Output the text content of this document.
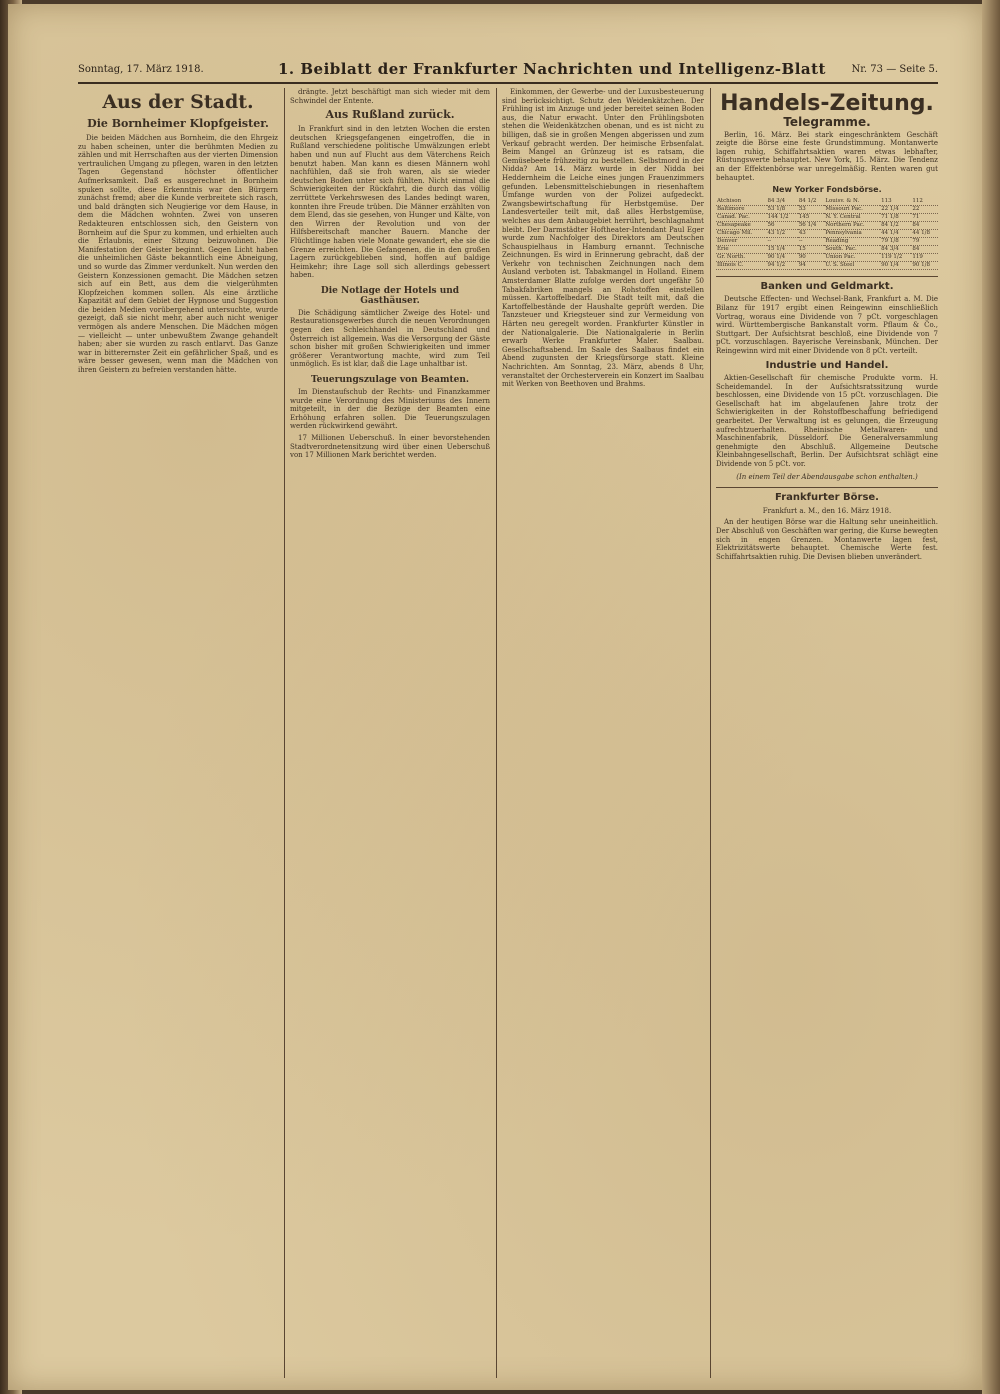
Sonntag, 17. März 1918.	1. Beiblatt der Frankfurter Nachrichten und Intelligenz-Blatt	Nr. 73 — Seite 5.
Aus der Stadt.
Die Bornheimer Klopfgeister.

Die beiden Mädchen aus Bornheim, die den Ehrgeiz zu haben scheinen, unter die berühmten Medien zu zählen und mit Herrschaften aus der vierten Dimension vertraulichen Umgang zu pflegen, waren in den letzten Tagen Gegenstand höchster öffentlicher Aufmerksamkeit. Daß es ausgerechnet in Bornheim spuken sollte, diese Erkenntnis war den Bürgern zunächst fremd; aber die Kunde verbreitete sich rasch, und bald drängten sich Neugierige vor dem Hause, in dem die Mädchen wohnten. Zwei von unseren Redakteuren entschlossen sich, den Geistern von Bornheim auf die Spur zu kommen, und erhielten auch die Erlaubnis, einer Sitzung beizuwohnen. Die Manifestation der Geister beginnt. Gegen Licht haben die unheimlichen Gäste bekanntlich eine Abneigung, und so wurde das Zimmer verdunkelt. Nun werden den Geistern Konzessionen gemacht. Die Mädchen setzen sich auf ein Bett, aus dem die vielgerühmten Klopfzeichen kommen sollen. Als eine ärztliche Kapazität auf dem Gebiet der Hypnose und Suggestion die beiden Medien vorübergehend untersuchte, wurde gezeigt, daß sie nicht mehr, aber auch nicht weniger vermögen als andere Menschen. Die Mädchen mögen — vielleicht — unter unbewußtem Zwange gehandelt haben; aber sie wurden zu rasch entlarvt. Das Ganze war in bitterernster Zeit ein gefährlicher Spaß, und es wäre besser gewesen, wenn man die Mädchen von ihren Geistern zu befreien verstanden hätte.

drängte. Jetzt beschäftigt man sich wieder mit dem Schwindel der Entente.

Aus Rußland zurück.

In Frankfurt sind in den letzten Wochen die ersten deutschen Kriegsgefangenen eingetroffen, die in Rußland verschiedene politische Umwälzungen erlebt haben und nun auf Flucht aus dem Väterchens Reich benutzt haben. Man kann es diesen Männern wohl nachfühlen, daß sie froh waren, als sie wieder deutschen Boden unter sich fühlten. Nicht einmal die Schwierigkeiten der Rückfahrt, die durch das völlig zerrüttete Verkehrswesen des Landes bedingt waren, konnten ihre Freude trüben. Die Männer erzählten von dem Elend, das sie gesehen, von Hunger und Kälte, von den Wirren der Revolution und von der Hilfsbereitschaft mancher Bauern. Manche der Flüchtlinge haben viele Monate gewandert, ehe sie die Grenze erreichten. Die Gefangenen, die in den großen Lagern zurückgeblieben sind, hoffen auf baldige Heimkehr; ihre Lage soll sich allerdings gebessert haben.

Die Notlage der Hotels und Gasthäuser.

Die Schädigung sämtlicher Zweige des Hotel- und Restaurationsgewerbes durch die neuen Verordnungen gegen den Schleichhandel in Deutschland und Österreich ist allgemein. Was die Versorgung der Gäste schon bisher mit großen Schwierigkeiten und immer größerer Verantwortung machte, wird zum Teil unmöglich. Es ist klar, daß die Lage unhaltbar ist.

Teuerungszulage von Beamten.

Im Dienstaufschub der Rechts- und Finanzkammer wurde eine Verordnung des Ministeriums des Innern mitgeteilt, in der die Bezüge der Beamten eine Erhöhung erfahren sollen. Die Teuerungszulagen werden rückwirkend gewährt.

17 Millionen Ueberschuß. In einer bevorstehenden Stadtverordnetensitzung wird über einen Ueberschuß von 17 Millionen Mark berichtet werden.

Einkommen, der Gewerbe- und der Luxusbesteuerung sind berücksichtigt. Schutz den Weidenkätzchen. Der Frühling ist im Anzuge und jeder bereitet seinen Boden aus, die Natur erwacht. Unter den Frühlingsboten stehen die Weidenkätzchen obenan, und es ist nicht zu billigen, daß sie in großen Mengen abgerissen und zum Verkauf gebracht werden. Der heimische Erbsenfalat. Beim Mangel an Grünzeug ist es ratsam, die Gemüsebeete frühzeitig zu bestellen. Selbstmord in der Nidda? Am 14. März wurde in der Nidda bei Heddernheim die Leiche eines jungen Frauenzimmers gefunden. Lebensmittelschiebungen in riesenhaftem Umfange wurden von der Polizei aufgedeckt. Zwangsbewirtschaftung für Herbstgemüse. Der Landesverteiler teilt mit, daß alles Herbstgemüse, welches aus dem Anbaugebiet herrührt, beschlagnahmt bleibt. Der Darmstädter Hoftheater-Intendant Paul Eger wurde zum Nachfolger des Direktors am Deutschen Schauspielhaus in Hamburg ernannt. Technische Zeichnungen. Es wird in Erinnerung gebracht, daß der Verkehr von technischen Zeichnungen nach dem Ausland verboten ist. Tabakmangel in Holland. Einem Amsterdamer Blatte zufolge werden dort ungefähr 50 Tabakfabriken mangels an Rohstoffen einstellen müssen. Kartoffelbedarf. Die Stadt teilt mit, daß die Kartoffelbestände der Haushalte geprüft werden. Die Tanzsteuer und Kriegsteuer sind zur Vermeidung von Härten neu geregelt worden. Frankfurter Künstler in der Nationalgalerie. Die Nationalgalerie in Berlin erwarb Werke Frankfurter Maler. Saalbau. Gesellschaftsabend. Im Saale des Saalbaus findet ein Abend zugunsten der Kriegsfürsorge statt. Kleine Nachrichten. Am Sonntag, 23. März, abends 8 Uhr, veranstaltet der Orchesterverein ein Konzert im Saalbau mit Werken von Beethoven und Brahms.

Handels-Zeitung.
Telegramme.

Berlin, 16. März. Bei stark eingeschränktem Geschäft zeigte die Börse eine feste Grundstimmung. Montanwerte lagen ruhig, Schiffahrtsaktien waren etwas lebhafter, Rüstungswerte behauptet. New York, 15. März. Die Tendenz an der Effektenbörse war unregelmäßig. Renten waren gut behauptet.

New Yorker Fondsbörse.
Atchison	84 3/4	84 1/2	Louisv. & N.	113	112
Baltimore	53 1/8	53	Missouri Pac.	22 1/4	22
Canad. Pac.	144 1/2	145	N. Y. Central	71 1/8	71
Chesapeake	56	56 1/4	Northern Pac.	84 1/2	84
Chicago Mil.	43 1/2	43	Pennsylvania	44 1/4	44 1/8
Denver	--	--	Reading	79 1/8	79
Erie	15 1/4	15	South. Pac.	84 3/4	84
Gr. North.	90 1/4	90	Union Pac.	119 1/2	119
Illinois C.	94 1/2	94	U. S. Steel	90 1/4	90 1/8
Banken und Geldmarkt.

Deutsche Effecten- und Wechsel-Bank, Frankfurt a. M. Die Bilanz für 1917 ergibt einen Reingewinn einschließlich Vortrag, woraus eine Dividende von 7 pCt. vorgeschlagen wird. Württembergische Bankanstalt vorm. Pflaum & Co., Stuttgart. Der Aufsichtsrat beschloß, eine Dividende von 7 pCt. vorzuschlagen. Bayerische Vereinsbank, München. Der Reingewinn wird mit einer Dividende von 8 pCt. verteilt.

Industrie und Handel.

Aktien-Gesellschaft für chemische Produkte vorm. H. Scheidemandel. In der Aufsichtsratssitzung wurde beschlossen, eine Dividende von 15 pCt. vorzuschlagen. Die Gesellschaft hat im abgelaufenen Jahre trotz der Schwierigkeiten in der Rohstoffbeschaffung befriedigend gearbeitet. Der Verwaltung ist es gelungen, die Erzeugung aufrechtzuerhalten. Rheinische Metallwaren- und Maschinenfabrik, Düsseldorf. Die Generalversammlung genehmigte den Abschluß. Allgemeine Deutsche Kleinbahngesellschaft, Berlin. Der Aufsichtsrat schlägt eine Dividende von 5 pCt. vor.

(In einem Teil der Abendausgabe schon enthalten.)
Frankfurter Börse.

Frankfurt a. M., den 16. März 1918.

An der heutigen Börse war die Haltung sehr uneinheitlich. Der Abschluß von Geschäften war gering, die Kurse bewegten sich in engen Grenzen. Montanwerte lagen fest, Elektrizitätswerte behauptet. Chemische Werte fest. Schiffahrtsaktien ruhig. Die Devisen blieben unverändert.
